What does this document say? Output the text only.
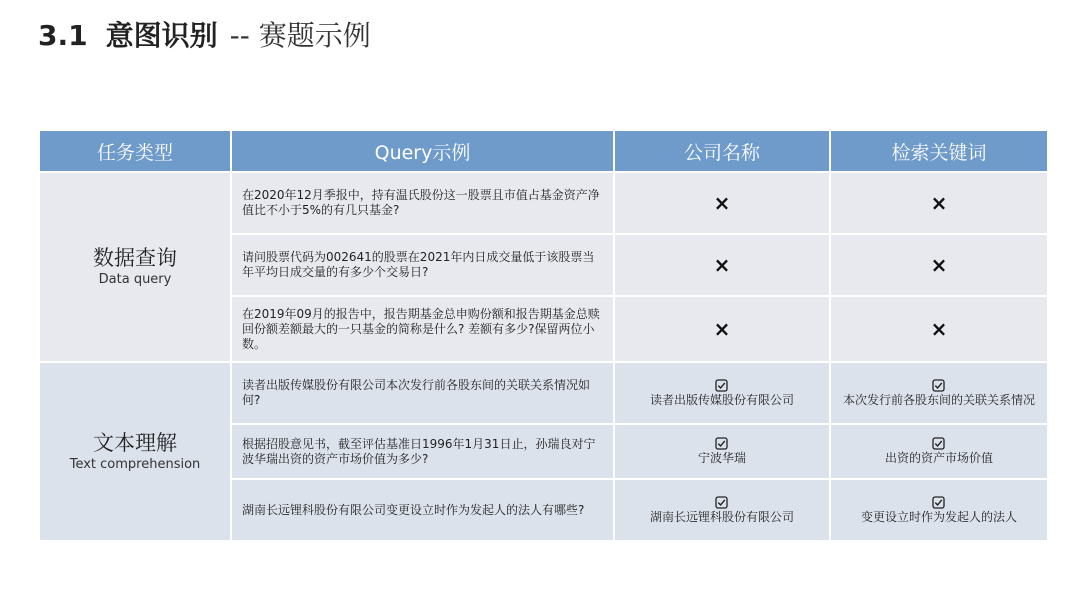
3.1 意图识别 -- 赛题示例
任务类型	Query示例	公司名称	检索关键词

数据查询
Data query	在2020年12月季报中，持有温氏股份这一股票且市值占基金资产净值比不小于5%的有几只基金?	×	×
	请问股票代码为002641的股票在2021年内日成交量低于该股票当年平均日成交量的有多少个交易日?	×	×
	在2019年09月的报告中，报告期基金总申购份额和报告期基金总赎回份额差额最大的一只基金的简称是什么? 差额有多少?保留两位小数。	×	×

文本理解
Text comprehension	读者出版传媒股份有限公司本次发行前各股东间的关联关系情况如何?	读者出版传媒股份有限公司	本次发行前各股东间的关联关系情况

	根据招股意见书，截至评估基准日1996年1月31日止，孙瑞良对宁波华瑞出资的资产市场价值为多少?	宁波华瑞	出资的资产市场价值

	湖南长远锂科股份有限公司变更设立时作为发起人的法人有哪些?	湖南长远锂科股份有限公司	变更设立时作为发起人的法人
